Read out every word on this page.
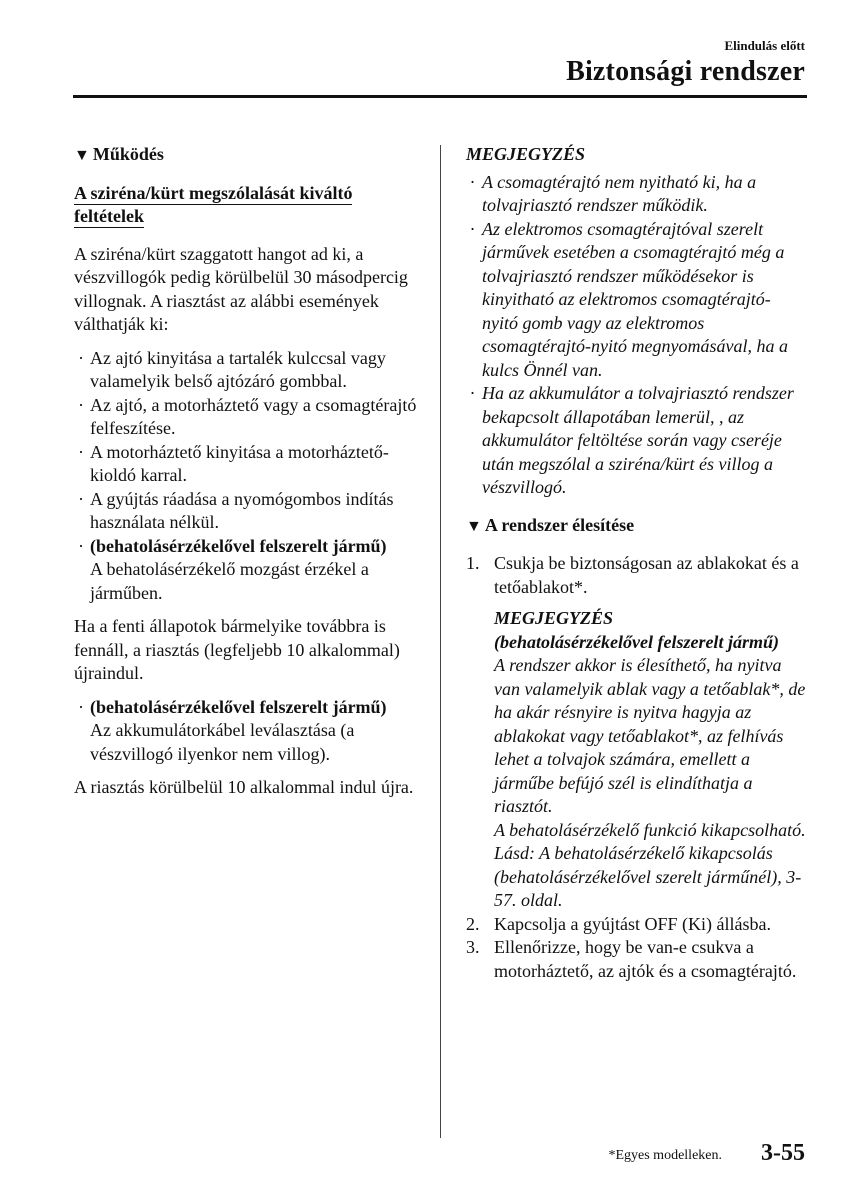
Elindulás előtt
Biztonsági rendszer
▼ Működés
A sziréna/kürt megszólalását kiváltó
feltételek

A sziréna/kürt szaggatott hangot ad ki, a vészvillogók pedig körülbelül 30 másodpercig villognak. A riasztást az alábbi események válthatják ki:

· Az ajtó kinyitása a tartalék kulccsal vagy valamelyik belső ajtózáró gombbal.
· Az ajtó, a motorháztető vagy a csomagtérajtó felfeszítése.
· A motorháztető kinyitása a motorháztető-kioldó karral.
· A gyújtás ráadása a nyomógombos indítás használata nélkül.
· (behatolásérzékelővel felszerelt jármű)
A behatolásérzékelő mozgást érzékel a járműben.

Ha a fenti állapotok bármelyike továbbra is fennáll, a riasztás (legfeljebb 10 alkalommal) újraindul.

· (behatolásérzékelővel felszerelt jármű)
Az akkumulátorkábel leválasztása (a vészvillogó ilyenkor nem villog).

A riasztás körülbelül 10 alkalommal indul újra.

MEGJEGYZÉS
· A csomagtérajtó nem nyitható ki, ha a tolvajriasztó rendszer működik.
· Az elektromos csomagtérajtóval szerelt járművek esetében a csomagtérajtó még a tolvajriasztó rendszer működésekor is kinyitható az elektromos csomagtérajtó-nyitó gomb vagy az elektromos csomagtérajtó-nyitó megnyomásával, ha a kulcs Önnél van.
· Ha az akkumulátor a tolvajriasztó rendszer bekapcsolt állapotában lemerül, , az akkumulátor feltöltése során vagy cseréje után megszólal a sziréna/kürt és villog a vészvillogó.
▼ A rendszer élesítése
1. Csukja be biztonságosan az ablakokat és a tetőablakot*.
MEGJEGYZÉS
(behatolásérzékelővel felszerelt jármű)
A rendszer akkor is élesíthető, ha nyitva van valamelyik ablak vagy a tetőablak*, de ha akár résnyire is nyitva hagyja az ablakokat vagy tetőablakot*, az felhívás lehet a tolvajok számára, emellett a járműbe befújó szél is elindíthatja a riasztót.
A behatolásérzékelő funkció kikapcsolható.
Lásd: A behatolásérzékelő kikapcsolás (behatolásérzékelővel szerelt járműnél), 3-57. oldal.
2. Kapcsolja a gyújtást OFF (Ki) állásba.
3. Ellenőrizze, hogy be van-e csukva a motorháztető, az ajtók és a csomagtérajtó.
*Egyes modelleken. 3-55
